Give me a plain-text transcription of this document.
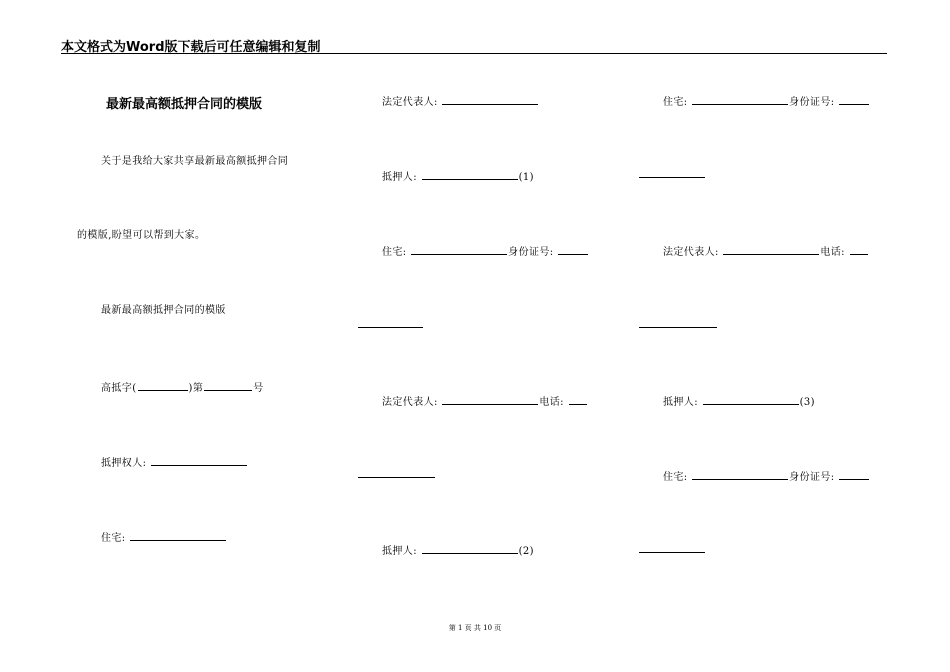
本文格式为Word版下载后可任意编辑和复制
最新最高额抵押合同的模版
关于是我给大家共享最新最高额抵押合同
的模版,盼望可以帮到大家。
最新最高额抵押合同的模版
高抵字(	)第	号
抵押权人:
住宅:
法定代表人:
抵押人:	(1)
住宅:	身份证号:
法定代表人:	电话:
抵押人:	(2)
住宅:	身份证号:
法定代表人:	电话:
抵押人:	(3)
住宅:	身份证号:
第 1 页 共 10 页
